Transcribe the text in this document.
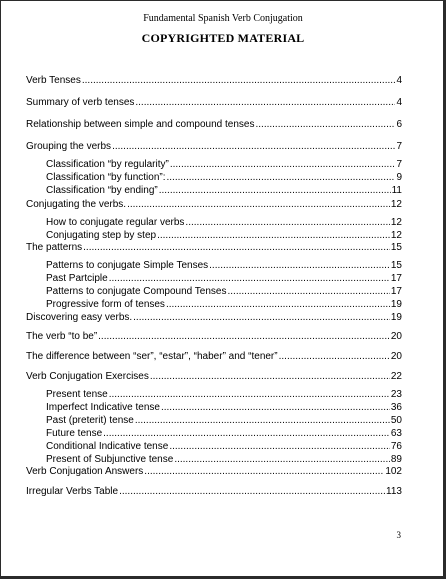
Fundamental Spanish Verb Conjugation
COPYRIGHTED MATERIAL
Verb Tenses .....	4
Summary of verb tenses .....	4
Relationship between simple and compound tenses .....	6
Grouping the verbs .....	7
Classification “by regularity” .....	7
Classification “by function”: .....	9
Classification “by ending” .....	11
Conjugating the verbs. .....	12
How to conjugate regular verbs .....	12
Conjugating step by step .....	12
The patterns .....	15
Patterns to conjugate Simple Tenses .....	15
Past Partciple .....	17
Patterns to conjugate Compound Tenses .....	17
Progressive form of tenses .....	19
Discovering easy verbs. .....	19
The verb “to be” .....	20
The difference between “ser”, “estar”, “haber” and “tener” .....	20
Verb Conjugation Exercises .....	22
Present tense .....	23
Imperfect Indicative tense .....	36
Past (preterit) tense .....	50
Future tense .....	63
Conditional Indicative tense .....	76
Present of Subjunctive tense .....	89
Verb Conjugation Answers .....	102
Irregular Verbs Table .....	113
3
